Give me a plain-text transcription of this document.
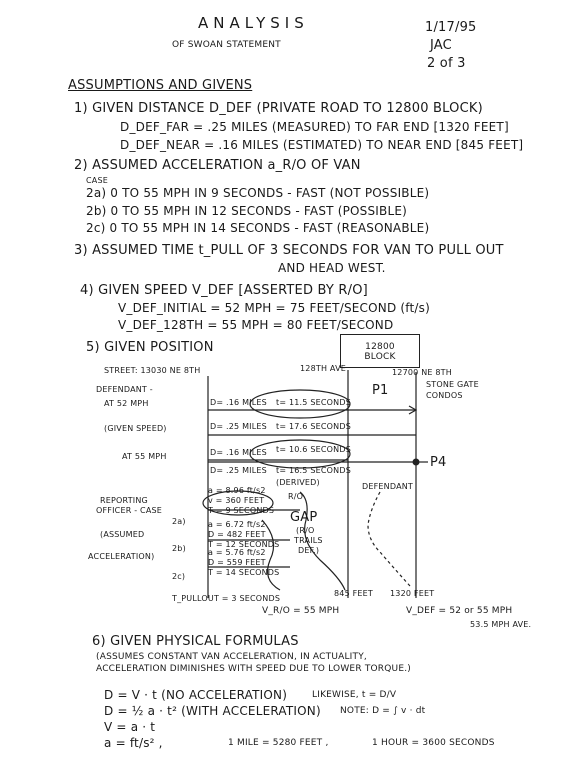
ANALYSIS
OF SWOAN STATEMENT
1/17/95
JAC
2 of 3
ASSUMPTIONS AND GIVENS
1) GIVEN DISTANCE D_DEF (PRIVATE ROAD TO 12800 BLOCK)
D_DEF_FAR = .25 MILES (MEASURED) TO FAR END [1320 FEET]
D_DEF_NEAR = .16 MILES (ESTIMATED) TO NEAR END [845 FEET]
2) ASSUMED ACCELERATION a_R/O OF VAN
CASE
2a) 0 TO 55 MPH IN 9 SECONDS - FAST (NOT POSSIBLE)
2b) 0 TO 55 MPH IN 12 SECONDS - FAST (POSSIBLE)
2c) 0 TO 55 MPH IN 14 SECONDS - FAST (REASONABLE)
3) ASSUMED TIME t_PULL OF 3 SECONDS FOR VAN TO PULL OUT
AND HEAD WEST.
4) GIVEN SPEED V_DEF [ASSERTED BY R/O]
V_DEF_INITIAL = 52 MPH = 75 FEET/SECOND (ft/s)
V_DEF_128TH = 55 MPH = 80 FEET/SECOND
5) GIVEN POSITION	12800 BLOCK
STREET: 13030 NE 8TH	128TH AVE	12700 NE 8TH
STONE GATE
CONDOS
DEFENDANT -
AT 52 MPH
(GIVEN SPEED)
AT 55 MPH
REPORTING
OFFICER - CASE
2a)
(ASSUMED
ACCELERATION)
2b)
2c)
P1
P4
D= .16 MILES t= 11.5 SECONDS
D= .25 MILES t= 17.6 SECONDS
D= .16 MILES t= 10.6 SECONDS
D= .25 MILES t= 16.5 SECONDS
(DERIVED)
R/O
a = 8.96 ft/s2
v = 360 FEET
T = 9 SECONDS
a = 6.72 ft/s2
D = 482 FEET
T = 12 SECONDS
a = 5.76 ft/s2
D = 559 FEET
T = 14 SECONDS
GAP
(R/O
TRAILS
DEF.)
DEFENDANT
T_PULLOUT = 3 SECONDS
845 FEET 1320 FEET
V_R/O = 55 MPH	V_DEF = 52 or 55 MPH
53.5 MPH AVE.
6) GIVEN PHYSICAL FORMULAS
(ASSUMES CONSTANT VAN ACCELERATION, IN ACTUALITY,
ACCELERATION DIMINISHES WITH SPEED DUE TO LOWER TORQUE.)
D = V · t (NO ACCELERATION)	LIKEWISE, t = D/V
D = ½ a · t² (WITH ACCELERATION) NOTE: D = ∫ v · dt
V = a · t
a = ft/s² ,	1 MILE = 5280 FEET ,	1 HOUR = 3600 SECONDS
